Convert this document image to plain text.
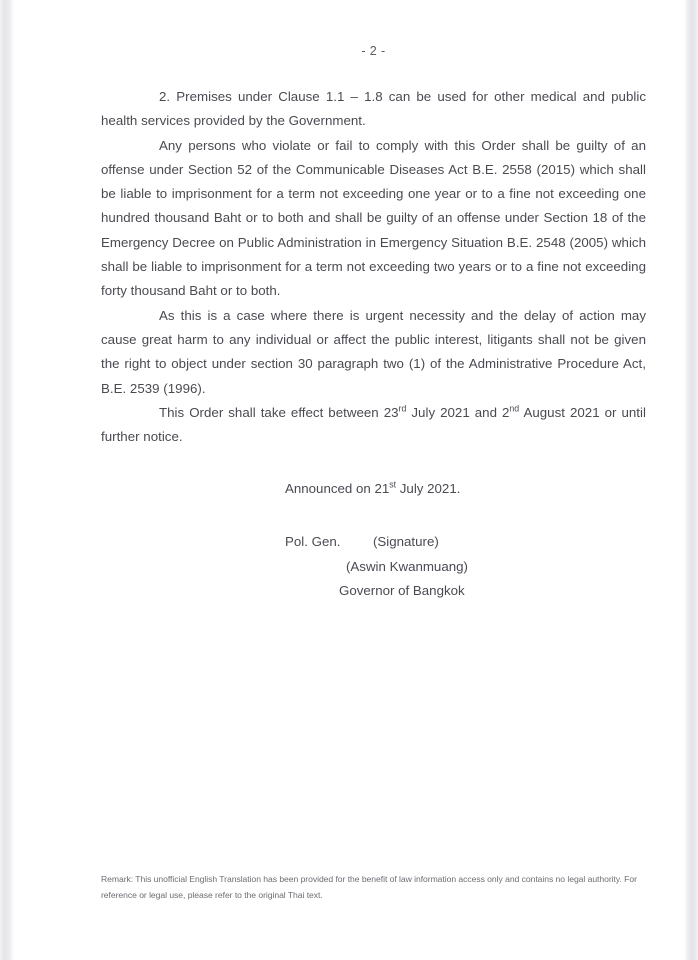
- 2 -

2. Premises under Clause 1.1 – 1.8 can be used for other medical and public health services provided by the Government.

Any persons who violate or fail to comply with this Order shall be guilty of an offense under Section 52 of the Communicable Diseases Act B.E. 2558 (2015) which shall be liable to imprisonment for a term not exceeding one year or to a fine not exceeding one hundred thousand Baht or to both and shall be guilty of an offense under Section 18 of the Emergency Decree on Public Administration in Emergency Situation B.E. 2548 (2005) which shall be liable to imprisonment for a term not exceeding two years or to a fine not exceeding forty thousand Baht or to both.

As this is a case where there is urgent necessity and the delay of action may cause great harm to any individual or affect the public interest, litigants shall not be given the right to object under section 30 paragraph two (1) of the Administrative Procedure Act, B.E. 2539 (1996).

This Order shall take effect between 23rd July 2021 and 2nd August 2021 or until further notice.

Announced on 21st July 2021.
Pol. Gen. (Signature)
(Aswin Kwanmuang)
Governor of Bangkok
Remark: This unofficial English Translation has been provided for the benefit of law information access only and contains no legal authority. For reference or legal use, please refer to the original Thai text.
